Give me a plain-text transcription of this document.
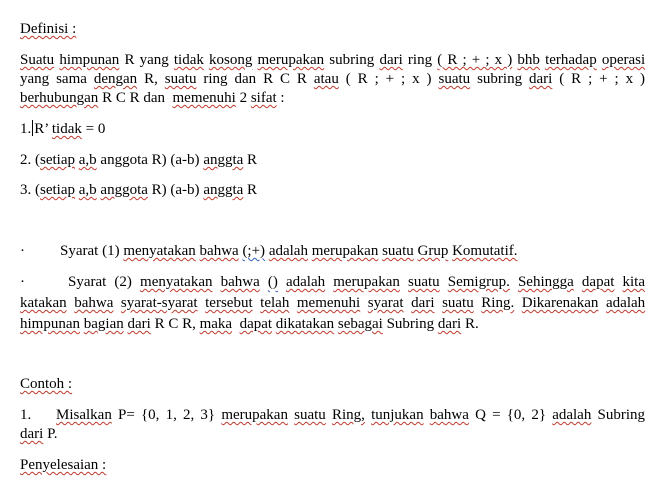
Definisi :
Suatu himpunan R yang tidak kosong merupakan subring dari ring ( R ; + ; x ) bhb terhadap operasi
yang sama dengan R, suatu ring dan R C R atau ( R ; + ; x ) suatu subring dari ( R ; + ; x )
berhubungan R C R dan memenuhi 2 sifat :
1. R’ tidak = 0
2. (setiap a,b anggota R) (a-b) anggta R
3. (setiap a,b anggota R) (a-b) anggta R
· Syarat (1) menyatakan bahwa (;+) adalah merupakan suatu Grup Komutatif.
·	Syarat (2) menyatakan bahwa () adalah merupakan suatu Semigrup. Sehingga dapat kita
katakan bahwa syarat-syarat tersebut telah memenuhi syarat dari suatu Ring. Dikarenakan adalah
himpunan bagian dari R C R, maka dapat dikatakan sebagai Subring dari R.
Contoh :
1. Misalkan P= {0, 1, 2, 3} merupakan suatu Ring, tunjukan bahwa Q = {0, 2} adalah Subring
dari P.
Penyelesaian :
